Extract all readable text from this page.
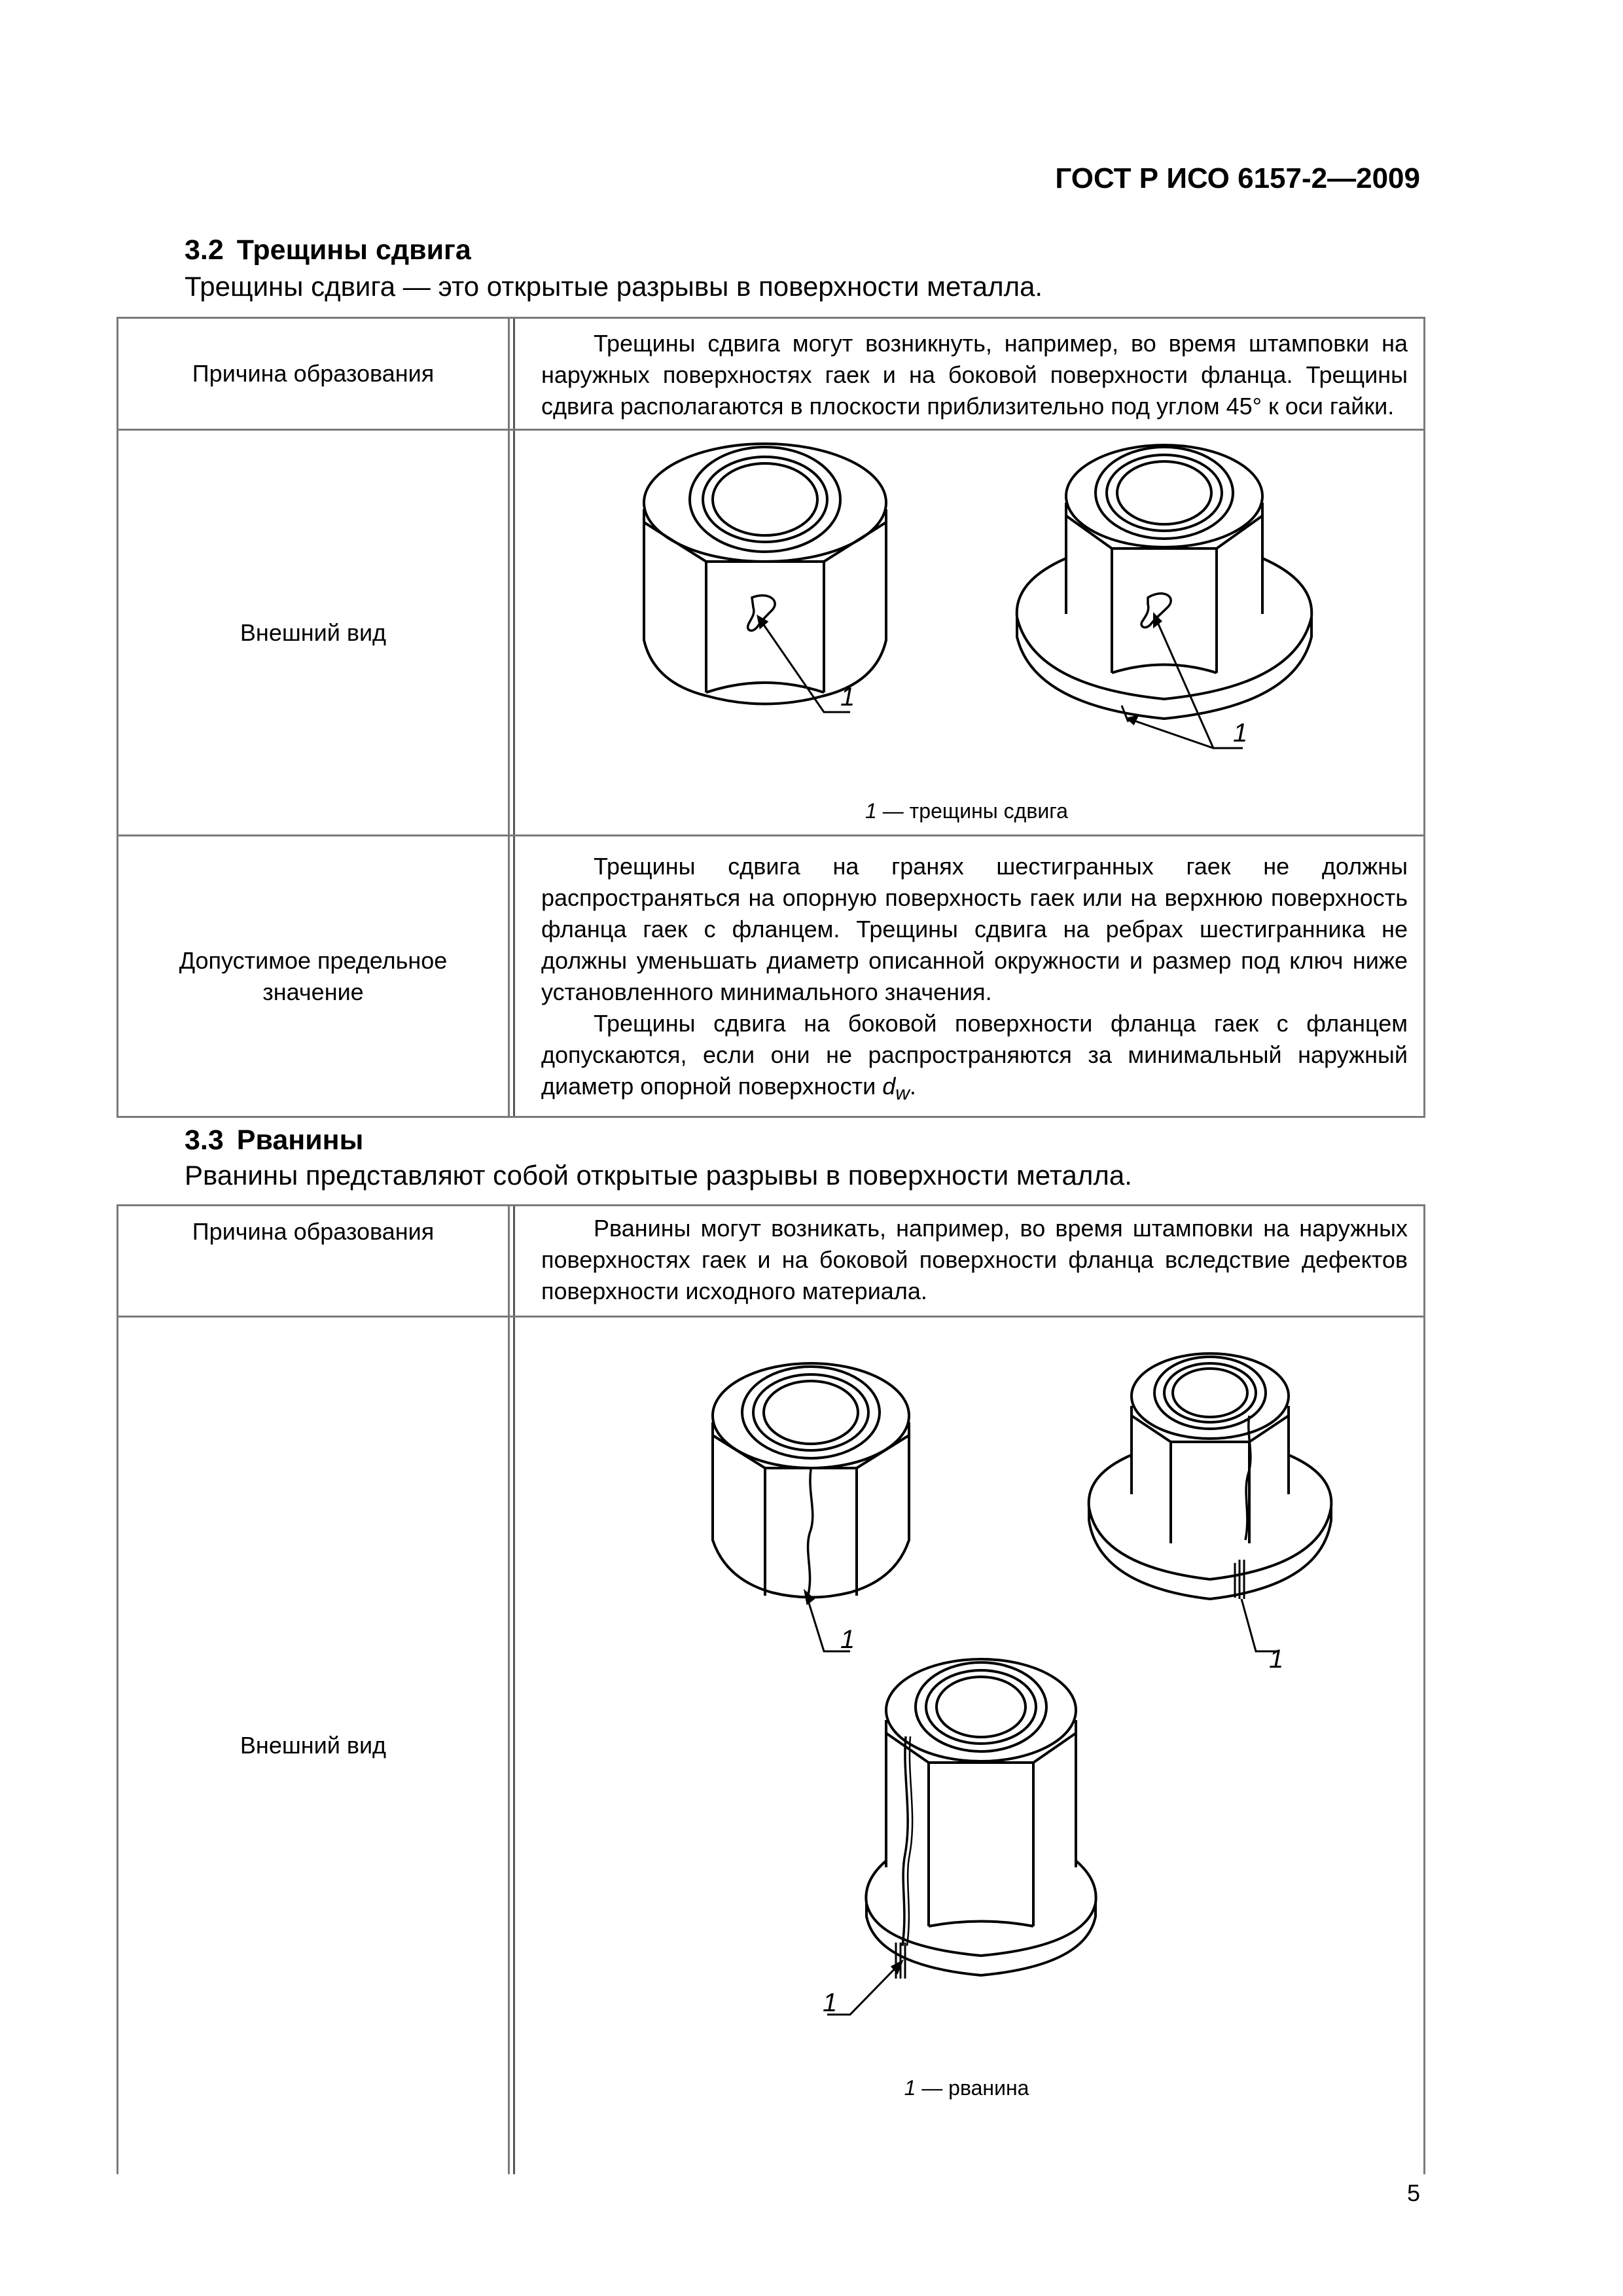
ГОСТ Р ИСО 6157-2—2009
3.2 Трещины сдвига
Трещины сдвига — это открытые разрывы в поверхности металла.
Причина образования	Трещины сдвига могут возникнуть, например, во время штамповки на наружных поверхностях гаек и на боковой поверхности фланца. Трещины сдвига располагаются в плоскости приблизительно под углом 45° к оси гайки.

Внешний вид	1
1
1 — трещины сдвига

Допустимое предельное значение	Трещины сдвига на гранях шестигранных гаек не должны распространяться на опорную поверхность гаек или на верхнюю поверхность фланца гаек с фланцем. Трещины сдвига на ребрах шестигранника не должны уменьшать диаметр описанной окружности и размер под ключ ниже установленного минимального значения.

Трещины сдвига на боковой поверхности фланца гаек с фланцем допускаются, если они не распространяются за минимальный наружный диаметр опорной поверхности $d_w$.

3.3 Рванины
Рванины представляют собой открытые разрывы в поверхности металла.
Причина образования	Рванины могут возникать, например, во время штамповки на наружных поверхностях гаек и на боковой поверхности фланца вследствие дефектов поверхности исходного материала.

Внешний вид	1
1
1
1 — рванина
5
